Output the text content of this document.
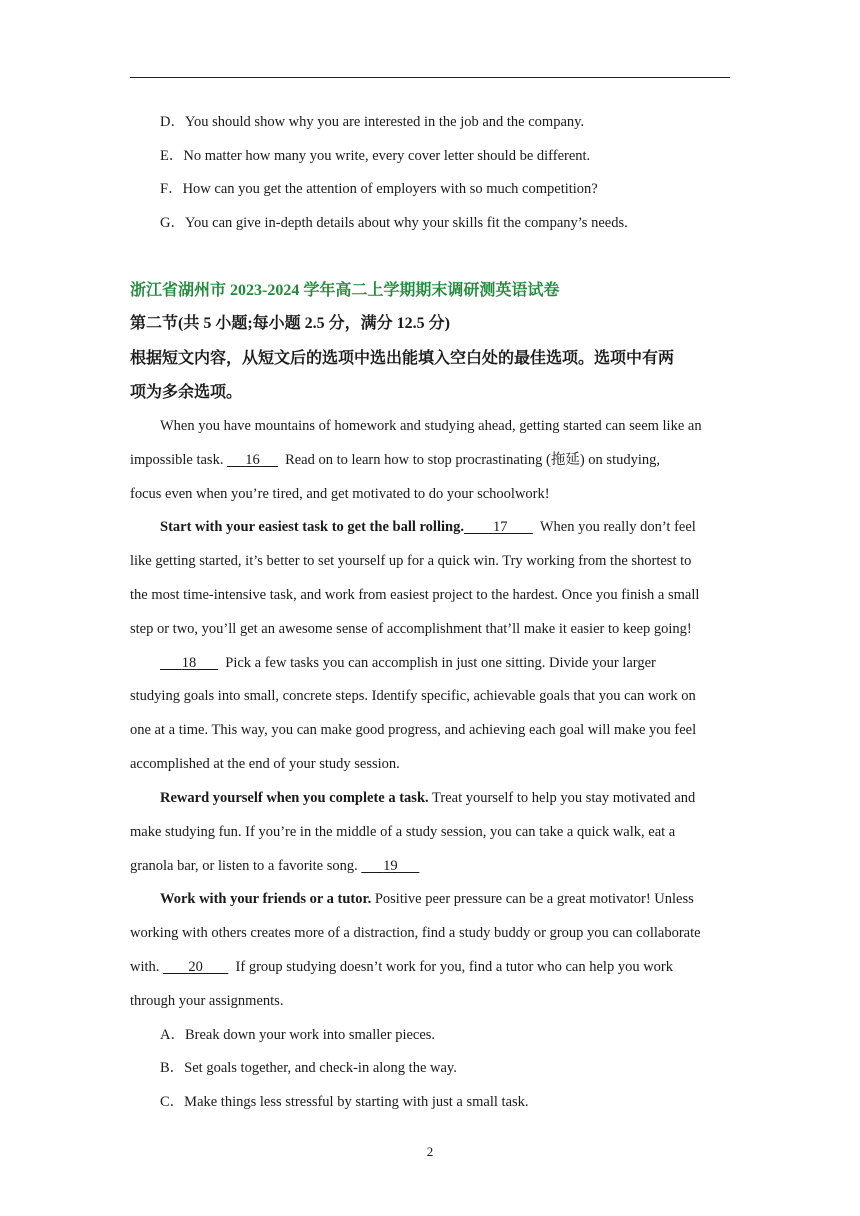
D．You should show why you are interested in the job and the company.
E．No matter how many you write, every cover letter should be different.
F．How can you get the attention of employers with so much competition?
G．You can give in-depth details about why your skills fit the company’s needs.
浙江省湖州市 2023-2024 学年高二上学期期末调研测英语试卷
第二节(共 5 小题;每小题 2.5 分，满分 12.5 分)
根据短文内容，从短文后的选项中选出能填入空白处的最佳选项。选项中有两
项为多余选项。
When you have mountains of homework and studying ahead, getting started can seem like an
impossible task. 16 Read on to learn how to stop procrastinating (拖延) on studying,
focus even when you’re tired, and get motivated to do your schoolwork!
Start with your easiest task to get the ball rolling. 17 When you really don’t feel
like getting started, it’s better to set yourself up for a quick win. Try working from the shortest to
the most time-intensive task, and work from easiest project to the hardest. Once you finish a small
step or two, you’ll get an awesome sense of accomplishment that’ll make it easier to keep going!
18 Pick a few tasks you can accomplish in just one sitting. Divide your larger
studying goals into small, concrete steps. Identify specific, achievable goals that you can work on
one at a time. This way, you can make good progress, and achieving each goal will make you feel
accomplished at the end of your study session.
Reward yourself when you complete a task. Treat yourself to help you stay motivated and
make studying fun. If you’re in the middle of a study session, you can take a quick walk, eat a
granola bar, or listen to a favorite song. 19
Work with your friends or a tutor. Positive peer pressure can be a great motivator! Unless
working with others creates more of a distraction, find a study buddy or group you can collaborate
with. 20 If group studying doesn’t work for you, find a tutor who can help you work
through your assignments.
A．Break down your work into smaller pieces.
B．Set goals together, and check-in along the way.
C．Make things less stressful by starting with just a small task.
2
